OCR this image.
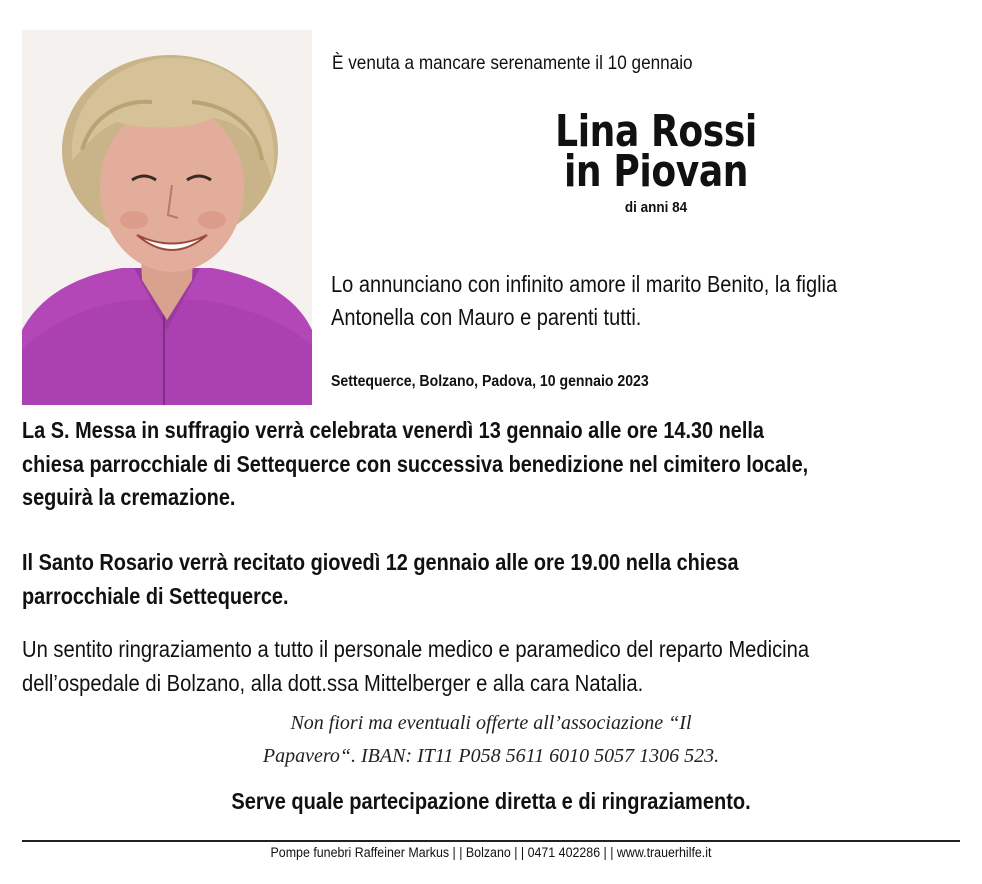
È venuta a mancare serenamente il 10 gennaio
Lina Rossi
in Piovan
di anni 84
Lo annunciano con infinito amore il marito Benito, la figlia
Antonella con Mauro e parenti tutti.
Settequerce, Bolzano, Padova, 10 gennaio 2023
La S. Messa in suffragio verrà celebrata venerdì 13 gennaio alle ore 14.30 nella
chiesa parrocchiale di Settequerce con successiva benedizione nel cimitero locale,
seguirà la cremazione.
Il Santo Rosario verrà recitato giovedì 12 gennaio alle ore 19.00 nella chiesa
parrocchiale di Settequerce.
Un sentito ringraziamento a tutto il personale medico e paramedico del reparto Medicina
dell’ospedale di Bolzano, alla dott.ssa Mittelberger e alla cara Natalia.
Non fiori ma eventuali offerte all’associazione “Il
Papavero“. IBAN: IT11 P058 5611 6010 5057 1306 523.
Serve quale partecipazione diretta e di ringraziamento.
Pompe funebri Raffeiner Markus | | Bolzano | | 0471 402286 | | www.trauerhilfe.it
